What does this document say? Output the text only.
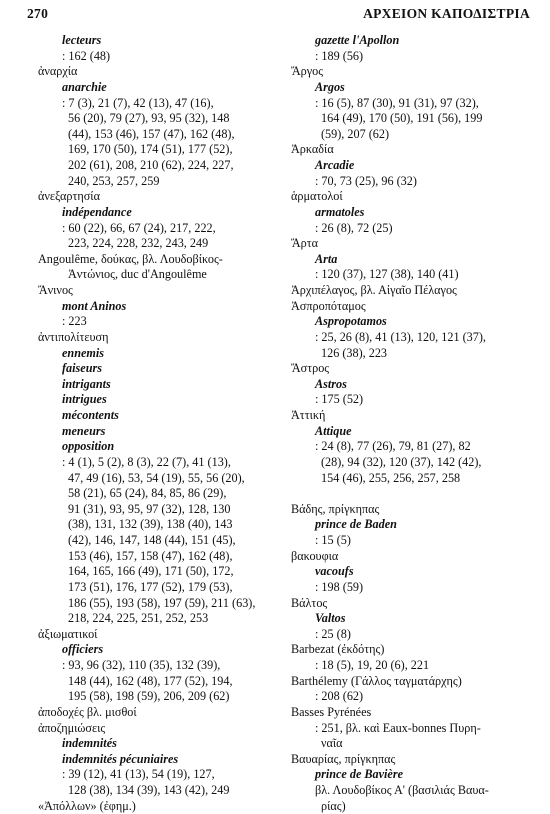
270	ΑΡΧΕΙΟΝ ΚΑΠΟΔΙΣΤΡΙΑ
lecteurs
: 162 (48)
ἀναρχία
anarchie
: 7 (3), 21 (7), 42 (13), 47 (16),
56 (20), 79 (27), 93, 95 (32), 148
(44), 153 (46), 157 (47), 162 (48),
169, 170 (50), 174 (51), 177 (52),
202 (61), 208, 210 (62), 224, 227,
240, 253, 257, 259
ἀνεξαρτησία
indépendance
: 60 (22), 66, 67 (24), 217, 222,
223, 224, 228, 232, 243, 249
Angoulême, δούκας, βλ. Λουδοβίκος-
Ἀντώνιος, duc d'Angoulême
Ἄνινος
mont Aninos
: 223
ἀντιπολίτευση
ennemis
faiseurs
intrigants
intrigues
mécontents
meneurs
opposition
: 4 (1), 5 (2), 8 (3), 22 (7), 41 (13),
47, 49 (16), 53, 54 (19), 55, 56 (20),
58 (21), 65 (24), 84, 85, 86 (29),
91 (31), 93, 95, 97 (32), 128, 130
(38), 131, 132 (39), 138 (40), 143
(42), 146, 147, 148 (44), 151 (45),
153 (46), 157, 158 (47), 162 (48),
164, 165, 166 (49), 171 (50), 172,
173 (51), 176, 177 (52), 179 (53),
186 (55), 193 (58), 197 (59), 211 (63),
218, 224, 225, 251, 252, 253
ἀξιωματικοί
officiers
: 93, 96 (32), 110 (35), 132 (39),
148 (44), 162 (48), 177 (52), 194,
195 (58), 198 (59), 206, 209 (62)
ἀποδοχές βλ. μισθοί
ἀποζημιώσεις
indemnités
indemnités pécuniaires
: 39 (12), 41 (13), 54 (19), 127,
128 (38), 134 (39), 143 (42), 249
«Ἀπόλλων» (ἐφημ.)
gazette l'Apollon
: 189 (56)
Ἄργος
Argos
: 16 (5), 87 (30), 91 (31), 97 (32),
164 (49), 170 (50), 191 (56), 199
(59), 207 (62)
Ἀρκαδία
Arcadie
: 70, 73 (25), 96 (32)
ἁρματολοί
armatoles
: 26 (8), 72 (25)
Ἄρτα
Arta
: 120 (37), 127 (38), 140 (41)
Ἀρχιπέλαγος, βλ. Αἰγαῖο Πέλαγος
Ἀσπροπόταμος
Aspropotamos
: 25, 26 (8), 41 (13), 120, 121 (37),
126 (38), 223
Ἄστρος
Astros
: 175 (52)
Ἀττική
Attique
: 24 (8), 77 (26), 79, 81 (27), 82
(28), 94 (32), 120 (37), 142 (42),
154 (46), 255, 256, 257, 258
Βάδης, πρίγκηπας
prince de Baden
: 15 (5)
βακουφια
vacoufs
: 198 (59)
Βάλτος
Valtos
: 25 (8)
Barbezat (ἐκδότης)
: 18 (5), 19, 20 (6), 221
Barthélemy (Γάλλος ταγματάρχης)
: 208 (62)
Basses Pyrénées
: 251, βλ. καὶ Eaux-bonnes Πυρη-
ναῖα
Βαυαρίας, πρίγκηπας
prince de Bavière
βλ. Λουδοβίκος Α' (βασιλιάς Βαυα-
ρίας)
